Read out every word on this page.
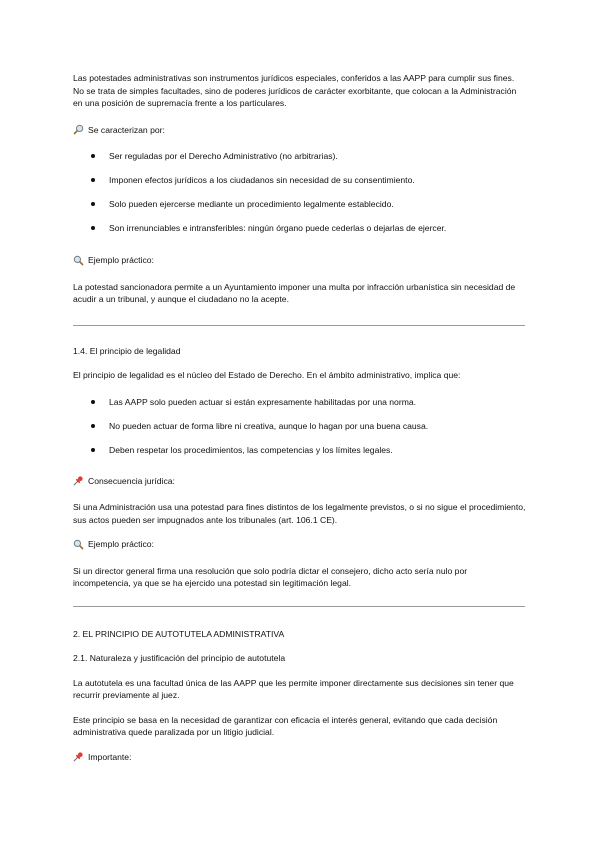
Las potestades administrativas son instrumentos jurídicos especiales, conferidos a las AAPP para cumplir sus fines. No se trata de simples facultades, sino de poderes jurídicos de carácter exorbitante, que colocan a la Administración en una posición de supremacía frente a los particulares.

Se caracterizan por:
Ser reguladas por el Derecho Administrativo (no arbitrarias).
Imponen efectos jurídicos a los ciudadanos sin necesidad de su consentimiento.
Solo pueden ejercerse mediante un procedimiento legalmente establecido.
Son irrenunciables e intransferibles: ningún órgano puede cederlas o dejarlas de ejercer.
Ejemplo práctico:

La potestad sancionadora permite a un Ayuntamiento imponer una multa por infracción urbanística sin necesidad de acudir a un tribunal, y aunque el ciudadano no la acepte.

1.4. El principio de legalidad

El principio de legalidad es el núcleo del Estado de Derecho. En el ámbito administrativo, implica que:

Las AAPP solo pueden actuar si están expresamente habilitadas por una norma.
No pueden actuar de forma libre ni creativa, aunque lo hagan por una buena causa.
Deben respetar los procedimientos, las competencias y los límites legales.
Consecuencia jurídica:

Si una Administración usa una potestad para fines distintos de los legalmente previstos, o si no sigue el procedimiento, sus actos pueden ser impugnados ante los tribunales (art. 106.1 CE).

Ejemplo práctico:

Si un director general firma una resolución que solo podría dictar el consejero, dicho acto sería nulo por incompetencia, ya que se ha ejercido una potestad sin legitimación legal.

2. EL PRINCIPIO DE AUTOTUTELA ADMINISTRATIVA

2.1. Naturaleza y justificación del principio de autotutela

La autotutela es una facultad única de las AAPP que les permite imponer directamente sus decisiones sin tener que recurrir previamente al juez.

Este principio se basa en la necesidad de garantizar con eficacia el interés general, evitando que cada decisión administrativa quede paralizada por un litigio judicial.

Importante:
